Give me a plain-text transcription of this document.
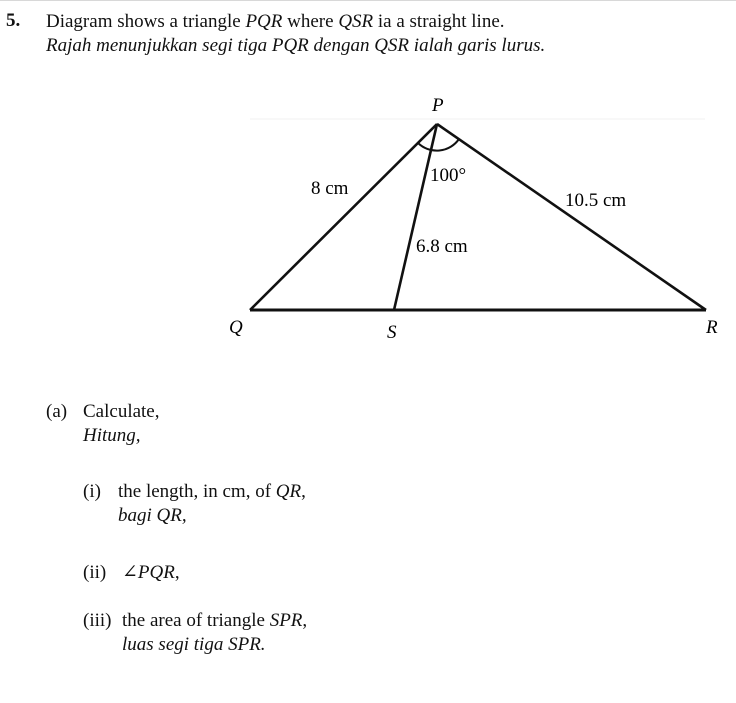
5. Diagram shows a triangle PQR where QSR ia a straight line.
Rajah menunjukkan segi tiga PQR dengan QSR ialah garis lurus.
P
Q	S	R
8 cm
100°
10.5 cm
6.8 cm
(a) Calculate,
Hitung,
(i) the length, in cm, of QR,
bagi QR,
(ii) ∠PQR,
(iii) the area of triangle SPR,
luas segi tiga SPR.
